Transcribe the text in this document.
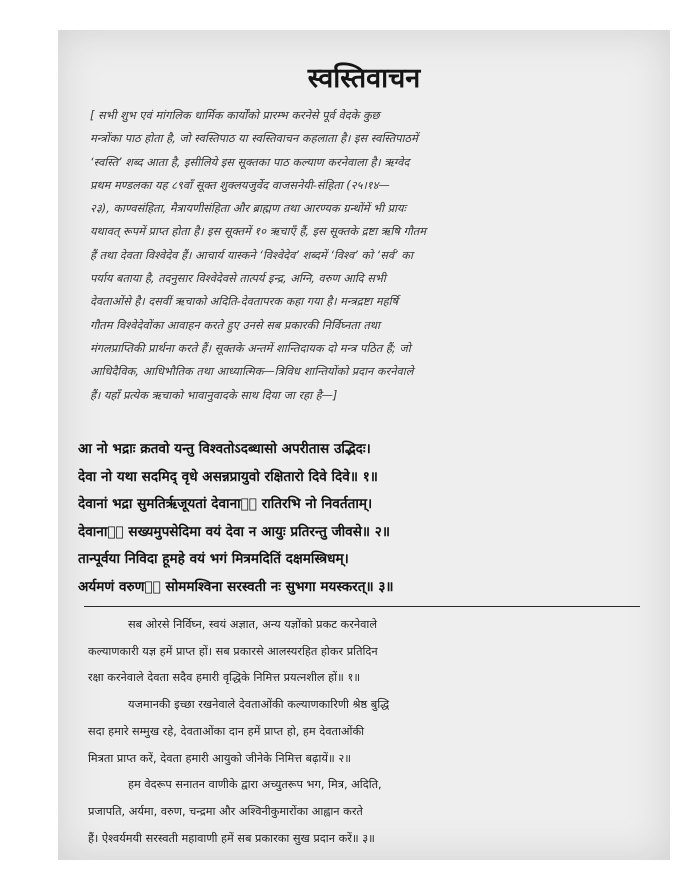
स्वस्तिवाचन
[ सभी शुभ एवं मांगलिक धार्मिक कार्योंको प्रारम्भ करनेसे पूर्व वेदके कुछ
मन्त्रोंका पाठ होता है, जो स्वस्तिपाठ या स्वस्तिवाचन कहलाता है। इस स्वस्तिपाठमें
‘स्वस्ति’ शब्द आता है, इसीलिये इस सूक्तका पाठ कल्याण करनेवाला है। ऋग्वेद
प्रथम मण्डलका यह ८९वाँ सूक्त शुक्लयजुर्वेद वाजसनेयी-संहिता (२५।१४—
२३), काण्वसंहिता, मैत्रायणीसंहिता और ब्राह्मण तथा आरण्यक ग्रन्थोंमें भी प्रायः
यथावत् रूपमें प्राप्त होता है। इस सूक्तमें १० ऋचाएँ हैं, इस सूक्तके द्रष्टा ऋषि गौतम
हैं तथा देवता विश्वेदेव हैं। आचार्य यास्कने ‘विश्वेदेव’ शब्दमें ‘विश्व’ को ‘सर्व’ का
पर्याय बताया है, तदनुसार विश्वेदेवसे तात्पर्य इन्द्र, अग्नि, वरुण आदि सभी
देवताओंसे है। दसवीं ऋचाको अदिति-देवतापरक कहा गया है। मन्त्रद्रष्टा महर्षि
गौतम विश्वेदेवोंका आवाहन करते हुए उनसे सब प्रकारकी निर्विघ्नता तथा
मंगलप्राप्तिकी प्रार्थना करते हैं। सूक्तके अन्तमें शान्तिदायक दो मन्त्र पठित हैं; जो
आधिदैविक, आधिभौतिक तथा आध्यात्मिक—त्रिविध शान्तियोंको प्रदान करनेवाले
हैं। यहाँ प्रत्येक ऋचाको भावानुवादके साथ दिया जा रहा है—]
आ नो भद्राः क्रतवो यन्तु विश्वतोऽदब्धासो अपरीतास उद्भिदः।
देवा नो यथा सदमिद् वृधे असन्नप्रायुवो रक्षितारो दिवे दिवे॥ १॥
देवानां भद्रा सुमतिर्ऋजूयतां देवानाᳬं रातिरभि नो निवर्तताम्।
देवानाᳬं सख्यमुपसेदिमा वयं देवा न आयुः प्रतिरन्तु जीवसे॥ २॥
तान्पूर्वया निविदा हूमहे वयं भगं मित्रमदितिं दक्षमस्त्रिधम्।
अर्यमणं वरुणᳬं सोममश्विना सरस्वती नः सुभगा मयस्करत्॥ ३॥
सब ओरसे निर्विघ्न, स्वयं अज्ञात, अन्य यज्ञोंको प्रकट करनेवाले
कल्याणकारी यज्ञ हमें प्राप्त हों। सब प्रकारसे आलस्यरहित होकर प्रतिदिन
रक्षा करनेवाले देवता सदैव हमारी वृद्धिके निमित्त प्रयत्नशील हों॥ १॥
यजमानकी इच्छा रखनेवाले देवताओंकी कल्याणकारिणी श्रेष्ठ बुद्धि
सदा हमारे सम्मुख रहे, देवताओंका दान हमें प्राप्त हो, हम देवताओंकी
मित्रता प्राप्त करें, देवता हमारी आयुको जीनेके निमित्त बढ़ायें॥ २॥
हम वेदरूप सनातन वाणीके द्वारा अच्युतरूप भग, मित्र, अदिति,
प्रजापति, अर्यमा, वरुण, चन्द्रमा और अश्विनीकुमारोंका आह्वान करते
हैं। ऐश्वर्यमयी सरस्वती महावाणी हमें सब प्रकारका सुख प्रदान करें॥ ३॥
